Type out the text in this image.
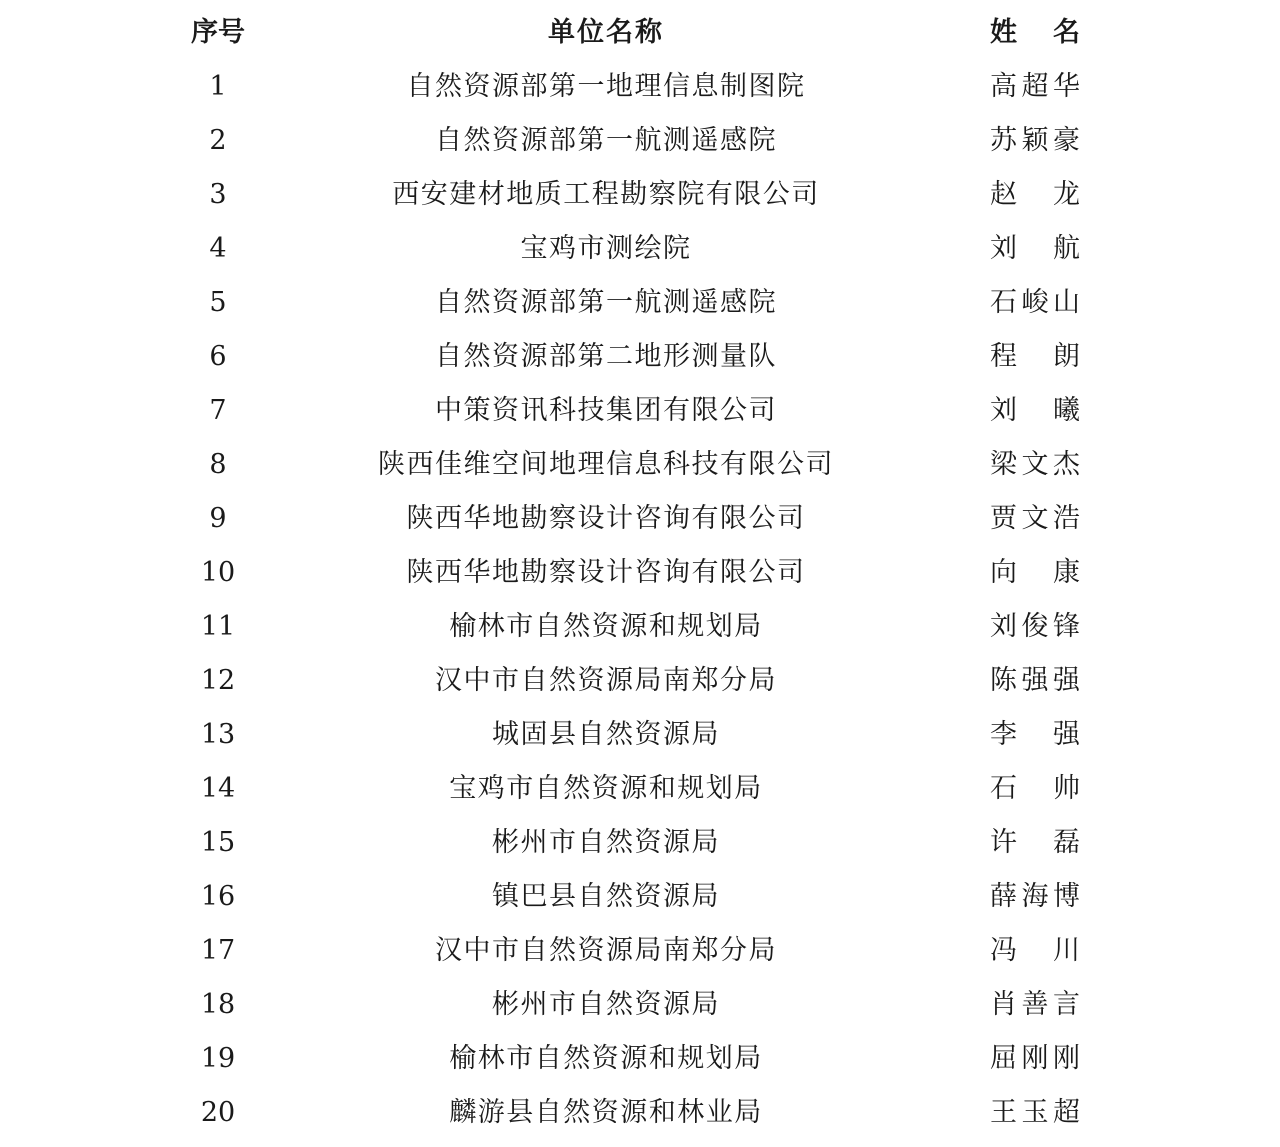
序号	单位名称	姓　名
1	自然资源部第一地理信息制图院	高超华
2	自然资源部第一航测遥感院	苏颖豪
3	西安建材地质工程勘察院有限公司	赵　龙
4	宝鸡市测绘院	刘　航
5	自然资源部第一航测遥感院	石峻山
6	自然资源部第二地形测量队	程　朗
7	中策资讯科技集团有限公司	刘　曦
8	陕西佳维空间地理信息科技有限公司	梁文杰
9	陕西华地勘察设计咨询有限公司	贾文浩
10	陕西华地勘察设计咨询有限公司	向　康
11	榆林市自然资源和规划局	刘俊锋
12	汉中市自然资源局南郑分局	陈强强
13	城固县自然资源局	李　强
14	宝鸡市自然资源和规划局	石　帅
15	彬州市自然资源局	许　磊
16	镇巴县自然资源局	薛海博
17	汉中市自然资源局南郑分局	冯　川
18	彬州市自然资源局	肖善言
19	榆林市自然资源和规划局	屈刚刚
20	麟游县自然资源和林业局	王玉超
